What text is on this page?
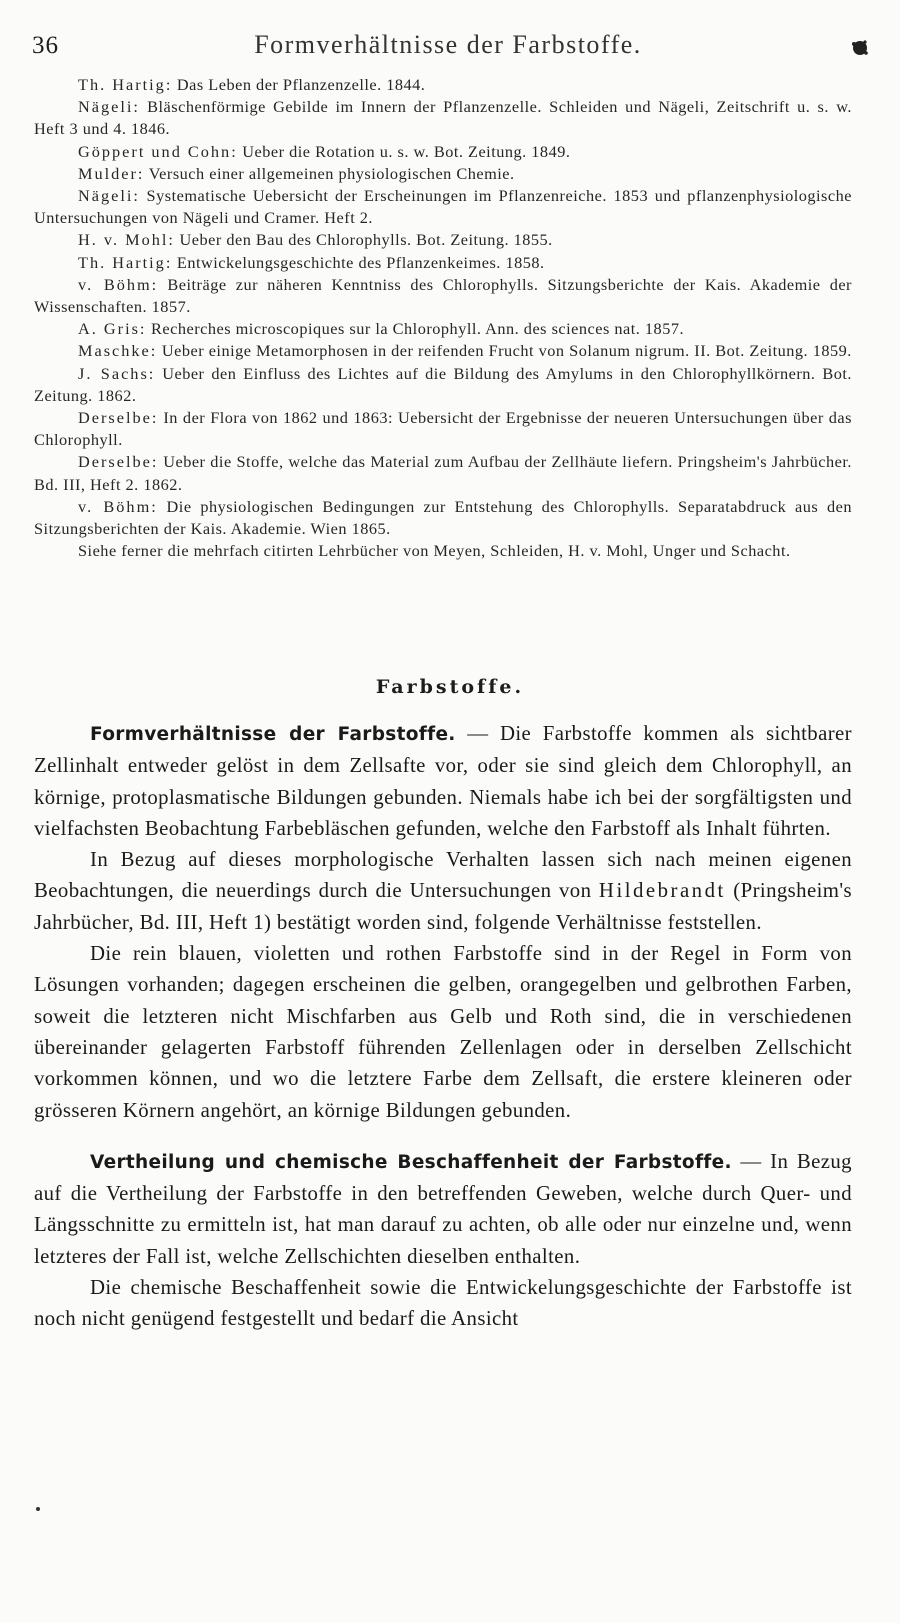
36	Formverhältnisse der Farbstoffe.

Th. Hartig: Das Leben der Pflanzenzelle. 1844.

Nägeli: Bläschenförmige Gebilde im Innern der Pflanzenzelle. Schleiden und Nägeli, Zeitschrift u. s. w. Heft 3 und 4. 1846.

Göppert und Cohn: Ueber die Rotation u. s. w. Bot. Zeitung. 1849.

Mulder: Versuch einer allgemeinen physiologischen Chemie.

Nägeli: Systematische Uebersicht der Erscheinungen im Pflanzenreiche. 1853 und pflanzenphysiologische Untersuchungen von Nägeli und Cramer. Heft 2.

H. v. Mohl: Ueber den Bau des Chlorophylls. Bot. Zeitung. 1855.

Th. Hartig: Entwickelungsgeschichte des Pflanzenkeimes. 1858.

v. Böhm: Beiträge zur näheren Kenntniss des Chlorophylls. Sitzungsberichte der Kais. Akademie der Wissenschaften. 1857.

A. Gris: Recherches microscopiques sur la Chlorophyll. Ann. des sciences nat. 1857.

Maschke: Ueber einige Metamorphosen in der reifenden Frucht von Solanum nigrum. II. Bot. Zeitung. 1859.

J. Sachs: Ueber den Einfluss des Lichtes auf die Bildung des Amylums in den Chlorophyllkörnern. Bot. Zeitung. 1862.

Derselbe: In der Flora von 1862 und 1863: Uebersicht der Ergebnisse der neueren Untersuchungen über das Chlorophyll.

Derselbe: Ueber die Stoffe, welche das Material zum Aufbau der Zellhäute liefern. Pringsheim's Jahrbücher. Bd. III, Heft 2. 1862.

v. Böhm: Die physiologischen Bedingungen zur Entstehung des Chlorophylls. Separatabdruck aus den Sitzungsberichten der Kais. Akademie. Wien 1865.

Siehe ferner die mehrfach citirten Lehrbücher von Meyen, Schleiden, H. v. Mohl, Unger und Schacht.

Farbstoffe.

Formverhältnisse der Farbstoffe. — Die Farbstoffe kommen als sichtbarer Zellinhalt entweder gelöst in dem Zellsafte vor, oder sie sind gleich dem Chlorophyll, an körnige, protoplasmatische Bildungen gebunden. Niemals habe ich bei der sorgfältigsten und vielfachsten Beobachtung Farbebläschen gefunden, welche den Farbstoff als Inhalt führten.

In Bezug auf dieses morphologische Verhalten lassen sich nach meinen eigenen Beobachtungen, die neuerdings durch die Untersuchungen von Hildebrandt (Pringsheim's Jahrbücher, Bd. III, Heft 1) bestätigt worden sind, folgende Verhältnisse feststellen.

Die rein blauen, violetten und rothen Farbstoffe sind in der Regel in Form von Lösungen vorhanden; dagegen erscheinen die gelben, orangegelben und gelbrothen Farben, soweit die letzteren nicht Mischfarben aus Gelb und Roth sind, die in verschiedenen übereinander gelagerten Farbstoff führenden Zellenlagen oder in derselben Zellschicht vorkommen können, und wo die letztere Farbe dem Zellsaft, die erstere kleineren oder grösseren Körnern angehört, an körnige Bildungen gebunden.

Vertheilung und chemische Beschaffenheit der Farbstoffe. — In Bezug auf die Vertheilung der Farbstoffe in den betreffenden Geweben, welche durch Quer- und Längsschnitte zu ermitteln ist, hat man darauf zu achten, ob alle oder nur einzelne und, wenn letzteres der Fall ist, welche Zellschichten dieselben enthalten.

Die chemische Beschaffenheit sowie die Entwickelungsgeschichte der Farbstoffe ist noch nicht genügend festgestellt und bedarf die Ansicht
